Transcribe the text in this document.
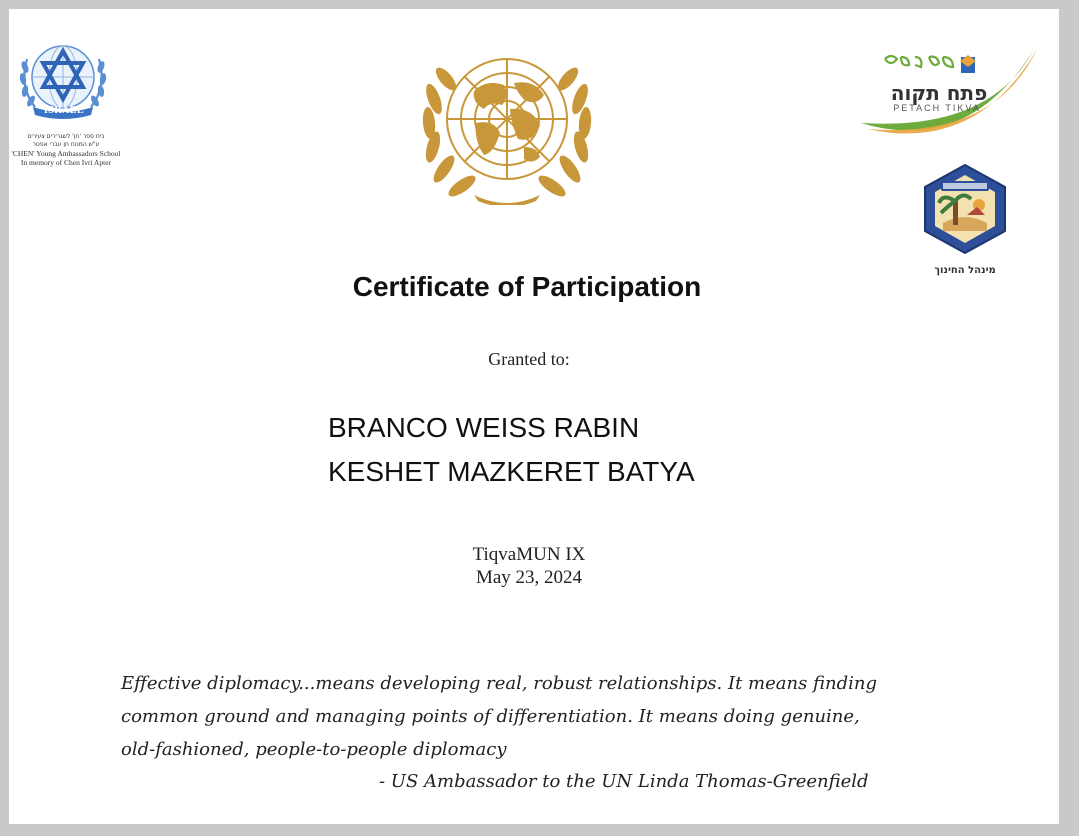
ISRAEL
בית ספר 'חן' לשגרירים צעירים
ע"ש המנוח חן עברי אפטר
'CHEN' Young Ambassadors School
In memory of Chen Ivri Apter
פתח תקוה
PETACH TIKVA
מינהל החינוך
Certificate of Participation
Granted to:
BRANCO WEISS RABIN
KESHET MAZKERET BATYA
TiqvaMUN IX
May 23, 2024
Effective diplomacy...means developing real, robust relationships. It means finding
common ground and managing points of differentiation. It means doing genuine,
old-fashioned, people-to-people diplomacy
- US Ambassador to the UN Linda Thomas-Greenfield
